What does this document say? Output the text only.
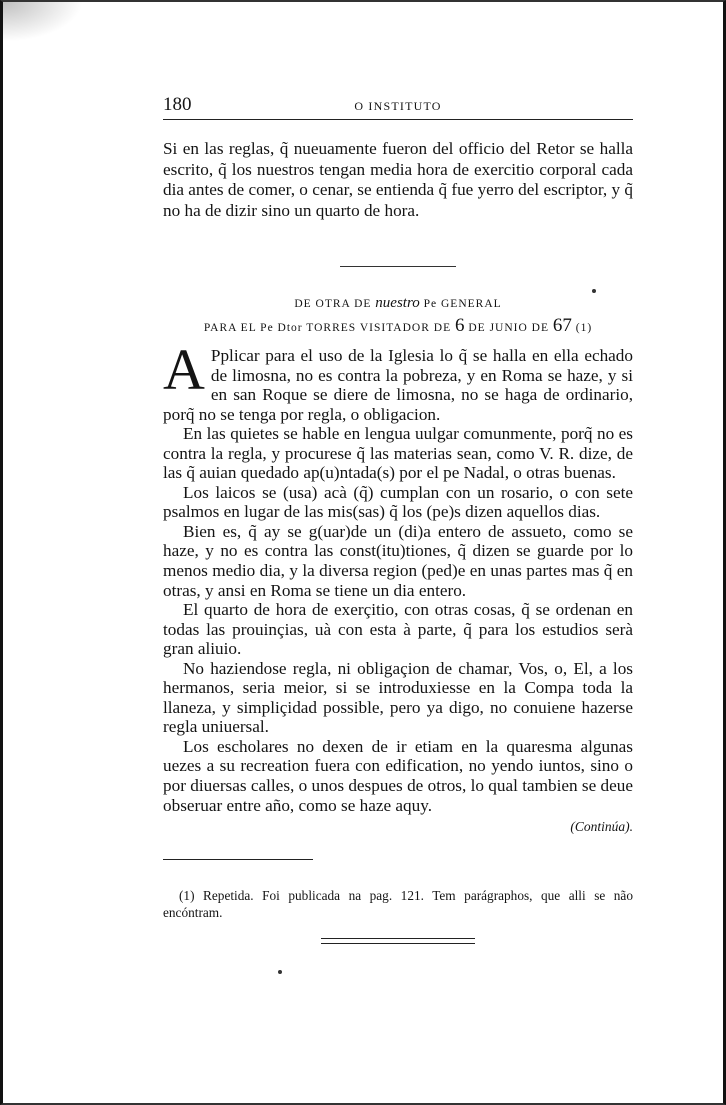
180	O INSTITUTO

Si en las reglas, q̃ nueuamente fueron del officio del Retor se halla escrito, q̃ los nuestros tengan media hora de exercitio corporal cada dia antes de comer, o cenar, se entienda q̃ fue yerro del escriptor, y q̃ no ha de dizir sino un quarto de hora.

DE OTRA DE nuestro Pe GENERAL
PARA EL Pe Dtor TORRES VISITADOR DE 6 DE JUNIO DE 67 (1)

A Pplicar para el uso de la Iglesia lo q̃ se halla en ella echado de limosna, no es contra la pobreza, y en Roma se haze, y si en san Roque se diere de limosna, no se haga de ordinario, porq̃ no se tenga por regla, o obligacion.

En las quietes se hable en lengua uulgar comunmente, porq̃ no es contra la regla, y procurese q̃ las materias sean, como V. R. dize, de las q̃ auian quedado ap(u)ntada(s) por el pe Nadal, o otras buenas.

Los laicos se (usa) acà (q̃) cumplan con un rosario, o con sete psalmos en lugar de las mis(sas) q̃ los (pe)s dizen aquellos dias.

Bien es, q̃ ay se g(uar)de un (di)a entero de assueto, como se haze, y no es contra las const(itu)tiones, q̃ dizen se guarde por lo menos medio dia, y la diversa region (ped)e en unas partes mas q̃ en otras, y ansi en Roma se tiene un dia entero.

El quarto de hora de exerçitio, con otras cosas, q̃ se ordenan en todas las prouinçias, uà con esta à parte, q̃ para los estudios serà gran aliuio.

No haziendose regla, ni obligaçion de chamar, Vos, o, El, a los hermanos, seria meior, si se introduxiesse en la Compa toda la llaneza, y simpliçidad possible, pero ya digo, no conuiene hazerse regla uniuersal.

Los escholares no dexen de ir etiam en la quaresma algunas uezes a su recreation fuera con edification, no yendo iuntos, sino o por diuersas calles, o unos despues de otros, lo qual tambien se deue obseruar entre año, como se haze aquy.

(Continúa).

(1) Repetida. Foi publicada na pag. 121. Tem parágraphos, que alli se não encóntram.
